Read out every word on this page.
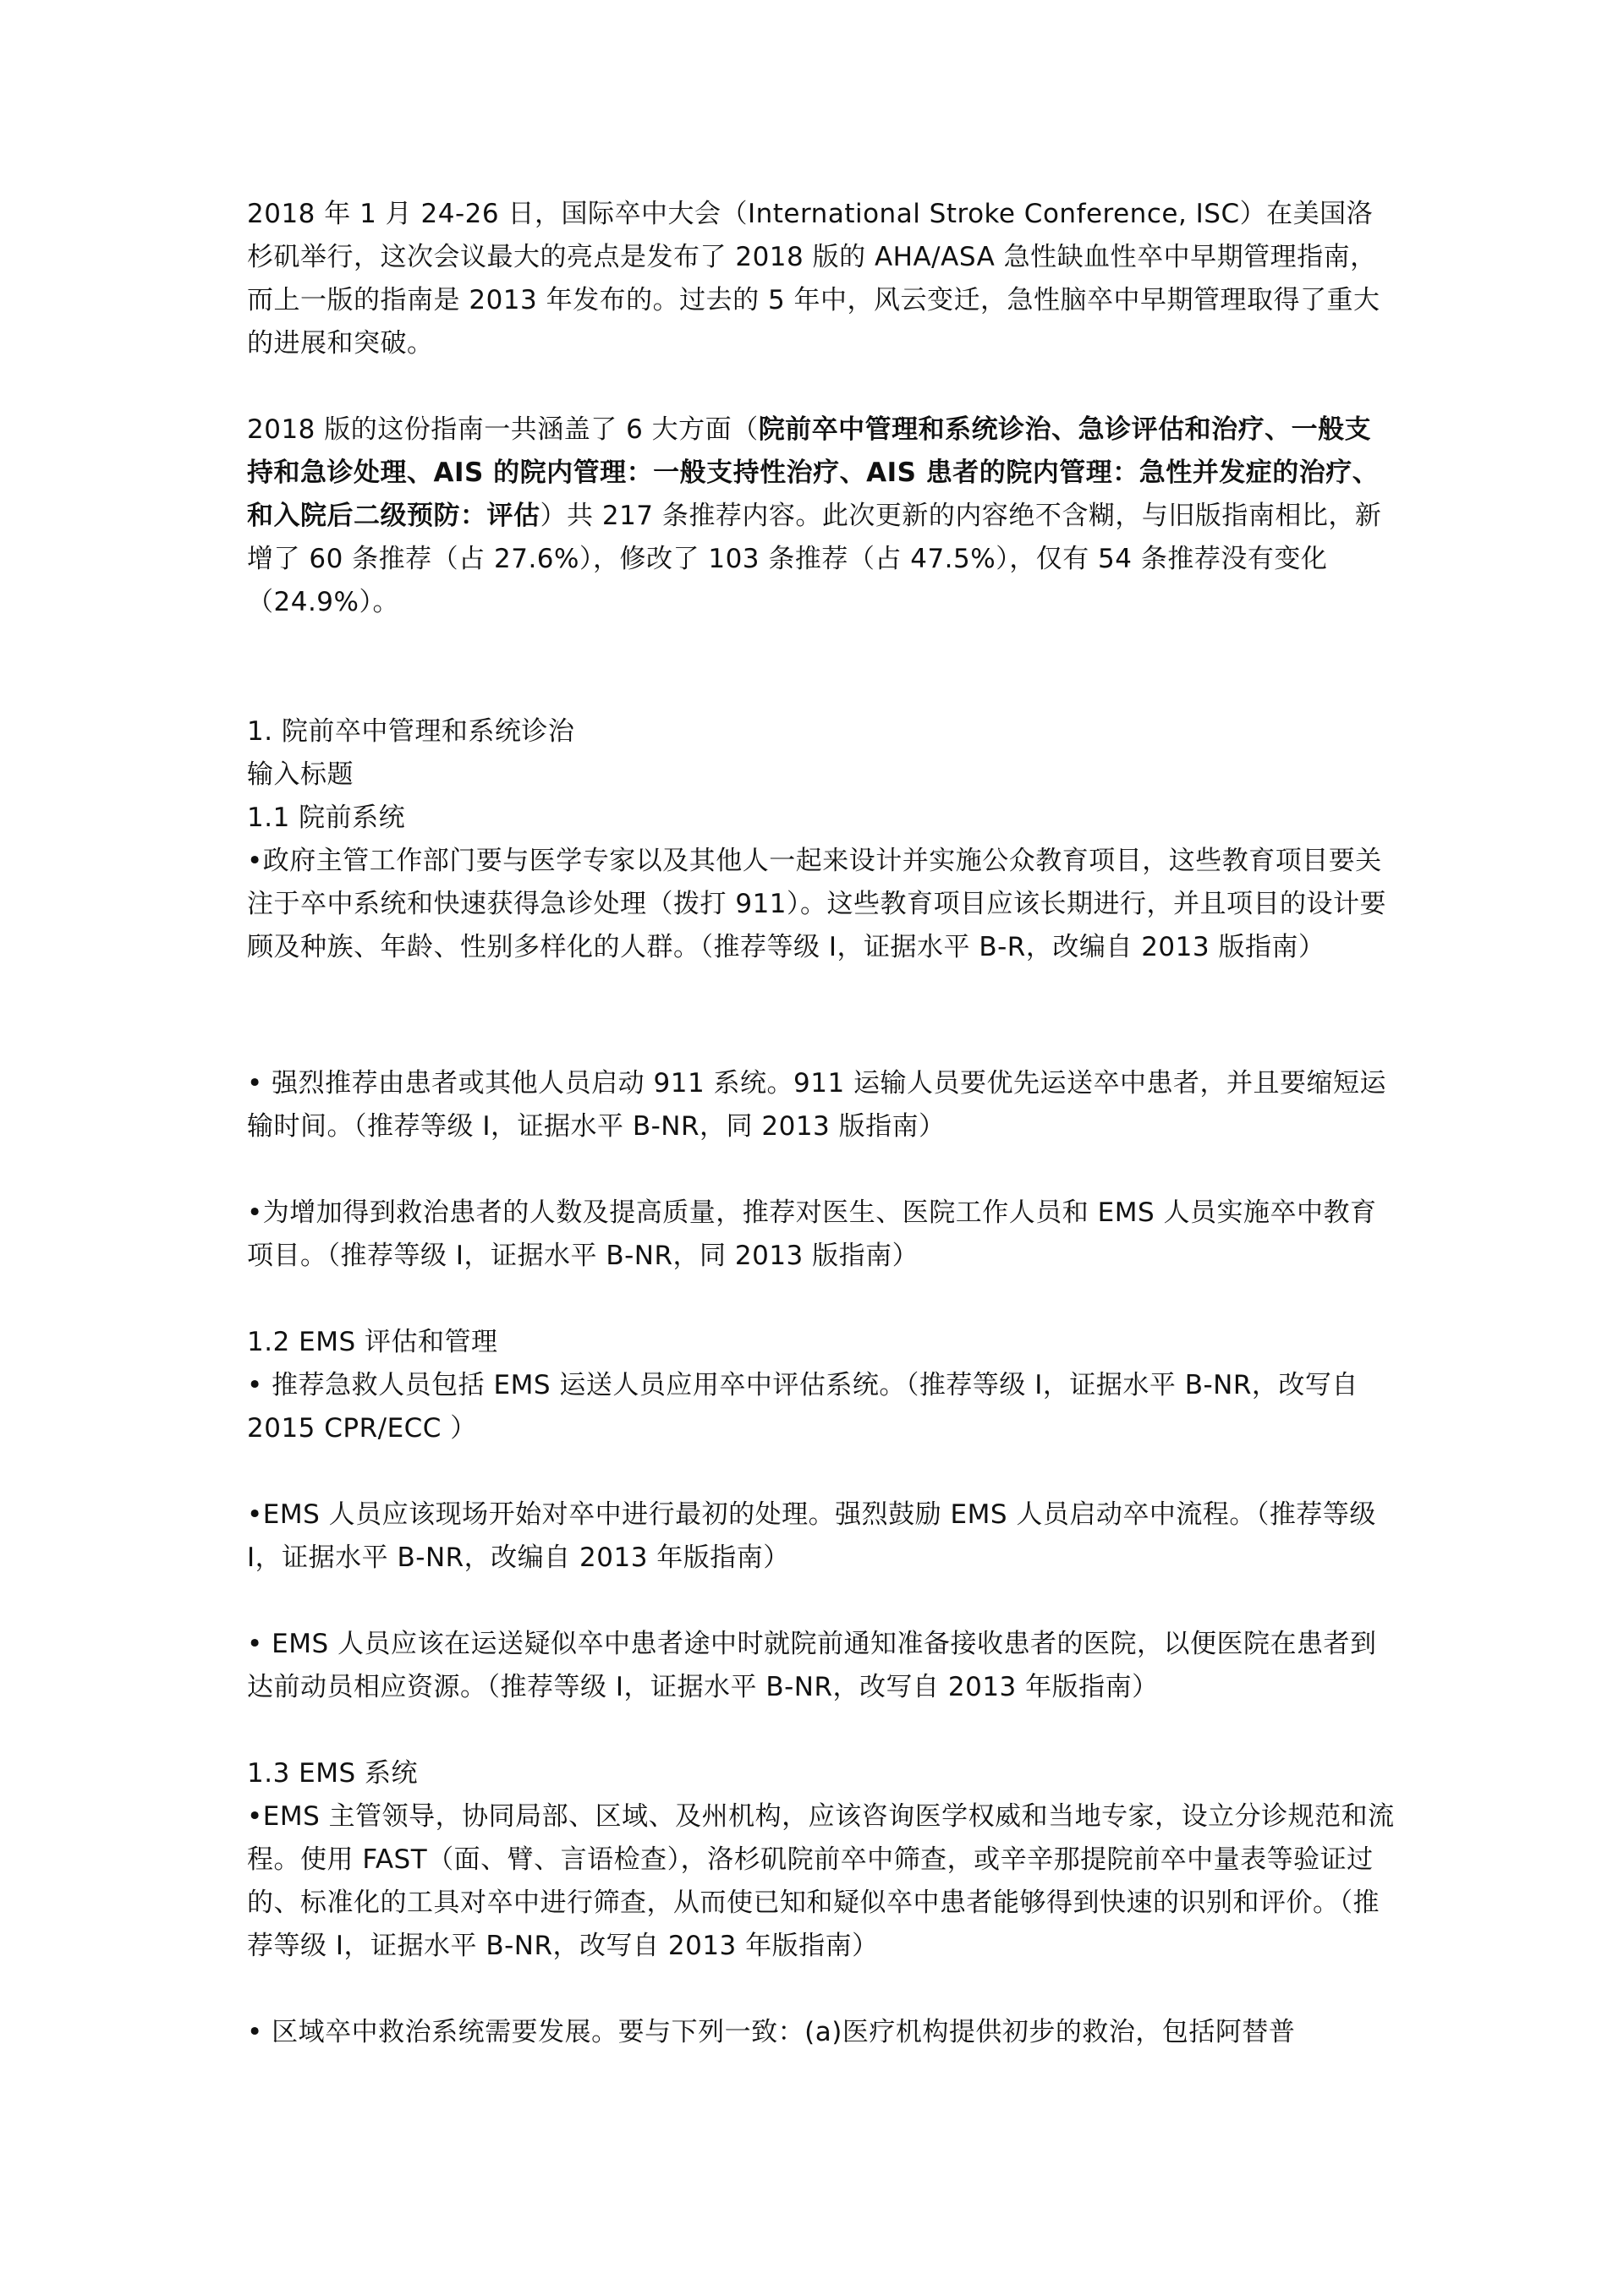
2018 年 1 月 24-26 日，国际卒中大会（International Stroke Conference, ISC）在美国洛杉矶举行，这次会议最大的亮点是发布了 2018 版的 AHA/ASA 急性缺血性卒中早期管理指南，而上一版的指南是 2013 年发布的。过去的 5 年中，风云变迁，急性脑卒中早期管理取得了重大的进展和突破。

2018 版的这份指南一共涵盖了 6 大方面（院前卒中管理和系统诊治、急诊评估和治疗、一般支持和急诊处理、AIS 的院内管理：一般支持性治疗、AIS 患者的院内管理：急性并发症的治疗、和入院后二级预防：评估）共 217 条推荐内容。此次更新的内容绝不含糊，与旧版指南相比，新增了 60 条推荐（占 27.6%），修改了 103 条推荐（占 47.5%），仅有 54 条推荐没有变化（24.9%）。

1. 院前卒中管理和系统诊治

输入标题

1.1 院前系统

•政府主管工作部门要与医学专家以及其他人一起来设计并实施公众教育项目，这些教育项目要关注于卒中系统和快速获得急诊处理（拨打 911）。这些教育项目应该长期进行，并且项目的设计要顾及种族、年龄、性别多样化的人群。（推荐等级 I，证据水平 B-R，改编自 2013 版指南）

• 强烈推荐由患者或其他人员启动 911 系统。911 运输人员要优先运送卒中患者，并且要缩短运输时间。（推荐等级 I，证据水平 B-NR，同 2013 版指南）

•为增加得到救治患者的人数及提高质量，推荐对医生、医院工作人员和 EMS 人员实施卒中教育项目。（推荐等级 I，证据水平 B-NR，同 2013 版指南）

1.2 EMS 评估和管理

• 推荐急救人员包括 EMS 运送人员应用卒中评估系统。（推荐等级 I，证据水平 B-NR，改写自 2015 CPR/ECC ）

•EMS 人员应该现场开始对卒中进行最初的处理。强烈鼓励 EMS 人员启动卒中流程。（推荐等级 I，证据水平 B-NR，改编自 2013 年版指南）

• EMS 人员应该在运送疑似卒中患者途中时就院前通知准备接收患者的医院，以便医院在患者到达前动员相应资源。（推荐等级 I，证据水平 B-NR，改写自 2013 年版指南）

1.3 EMS 系统

•EMS 主管领导，协同局部、区域、及州机构，应该咨询医学权威和当地专家，设立分诊规范和流程。使用 FAST（面、臂、言语检查），洛杉矶院前卒中筛查，或辛辛那提院前卒中量表等验证过的、标准化的工具对卒中进行筛查，从而使已知和疑似卒中患者能够得到快速的识别和评价。（推荐等级 I，证据水平 B-NR，改写自 2013 年版指南）

• 区域卒中救治系统需要发展。要与下列一致：(a)医疗机构提供初步的救治，包括阿替普
